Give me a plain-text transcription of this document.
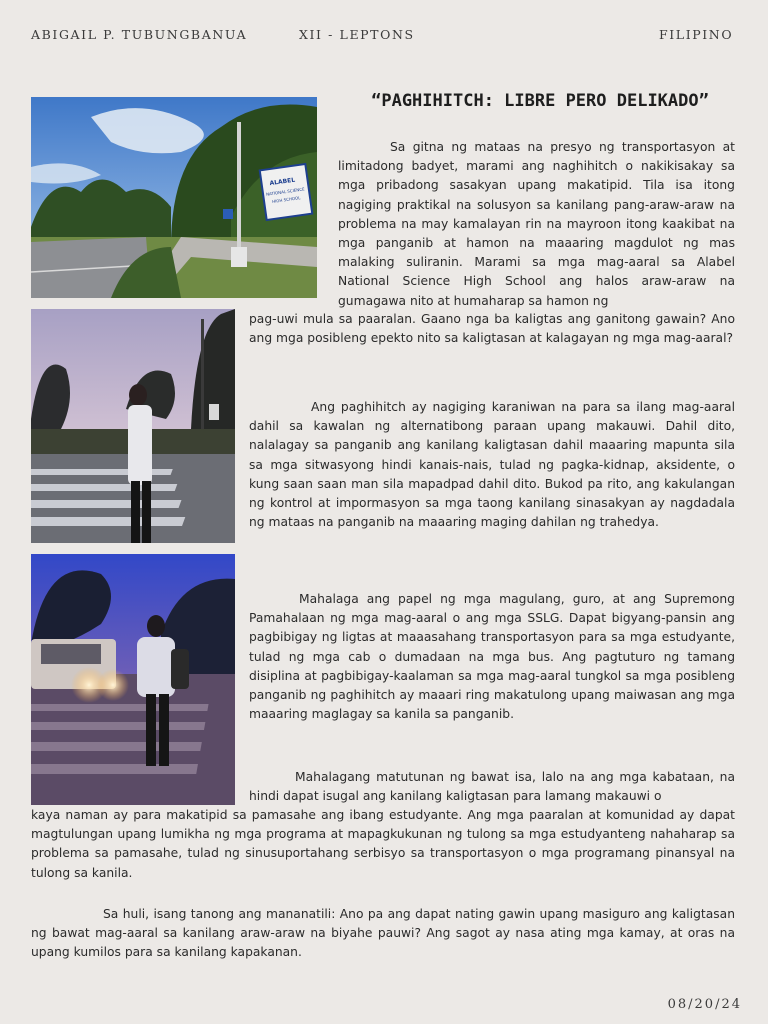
ABIGAIL P. TUBUNGBANUA	XII - LEPTONS	FILIPINO
“PAGHIHITCH: LIBRE PERO DELIKADO”
ALABEL
NATIONAL SCIENCE
HIGH SCHOOL
Sa gitna ng mataas na presyo ng transportasyon at limitadong badyet, marami ang naghihitch o nakikisakay sa mga pribadong sasakyan upang makatipid. Tila isa itong nagiging praktikal na solusyon sa kanilang pang-araw-araw na problema na may kamalayan rin na mayroon itong kaakibat na mga panganib at hamon na maaaring magdulot ng mas malaking suliranin. Marami sa mga mag-aaral sa Alabel National Science High School ang halos araw-araw na gumagawa nito at humaharap sa hamon ng
pag-uwi mula sa paaralan. Gaano nga ba kaligtas ang ganitong gawain? Ano ang mga posibleng epekto nito sa kaligtasan at kalagayan ng mga mag-aaral?
Ang paghihitch ay nagiging karaniwan na para sa ilang mag-aaral dahil sa kawalan ng alternatibong paraan upang makauwi. Dahil dito, nalalagay sa panganib ang kanilang kaligtasan dahil maaaring mapunta sila sa mga sitwasyong hindi kanais-nais, tulad ng pagka-kidnap, aksidente, o kung saan saan man sila mapadpad dahil dito. Bukod pa rito, ang kakulangan ng kontrol at impormasyon sa mga taong kanilang sinasakyan ay nagdadala ng mataas na panganib na maaaring maging dahilan ng trahedya.
Mahalaga ang papel ng mga magulang, guro, at ang Supremong Pamahalaan ng mga mag-aaral o ang mga SSLG. Dapat bigyang-pansin ang pagbibigay ng ligtas at maaasahang transportasyon para sa mga estudyante, tulad ng mga cab o dumadaan na mga bus. Ang pagtuturo ng tamang disiplina at pagbibigay-kaalaman sa mga mag-aaral tungkol sa mga posibleng panganib ng paghihitch ay maaari ring makatulong upang maiwasan ang mga maaaring maglagay sa kanila sa panganib.
Mahalagang matutunan ng bawat isa, lalo na ang mga kabataan, na hindi dapat isugal ang kanilang kaligtasan para lamang makauwi o
kaya naman ay para makatipid sa pamasahe ang ibang estudyante. Ang mga paaralan at komunidad ay dapat magtulungan upang lumikha ng mga programa at mapagkukunan ng tulong sa mga estudyanteng nahaharap sa problema sa pamasahe, tulad ng sinusuportahang serbisyo sa transportasyon o mga programang pinansyal na tulong sa kanila.
Sa huli, isang tanong ang mananatili: Ano pa ang dapat nating gawin upang masiguro ang kaligtasan ng bawat mag-aaral sa kanilang araw-araw na biyahe pauwi? Ang sagot ay nasa ating mga kamay, at oras na upang kumilos para sa kanilang kapakanan.
08/20/24
